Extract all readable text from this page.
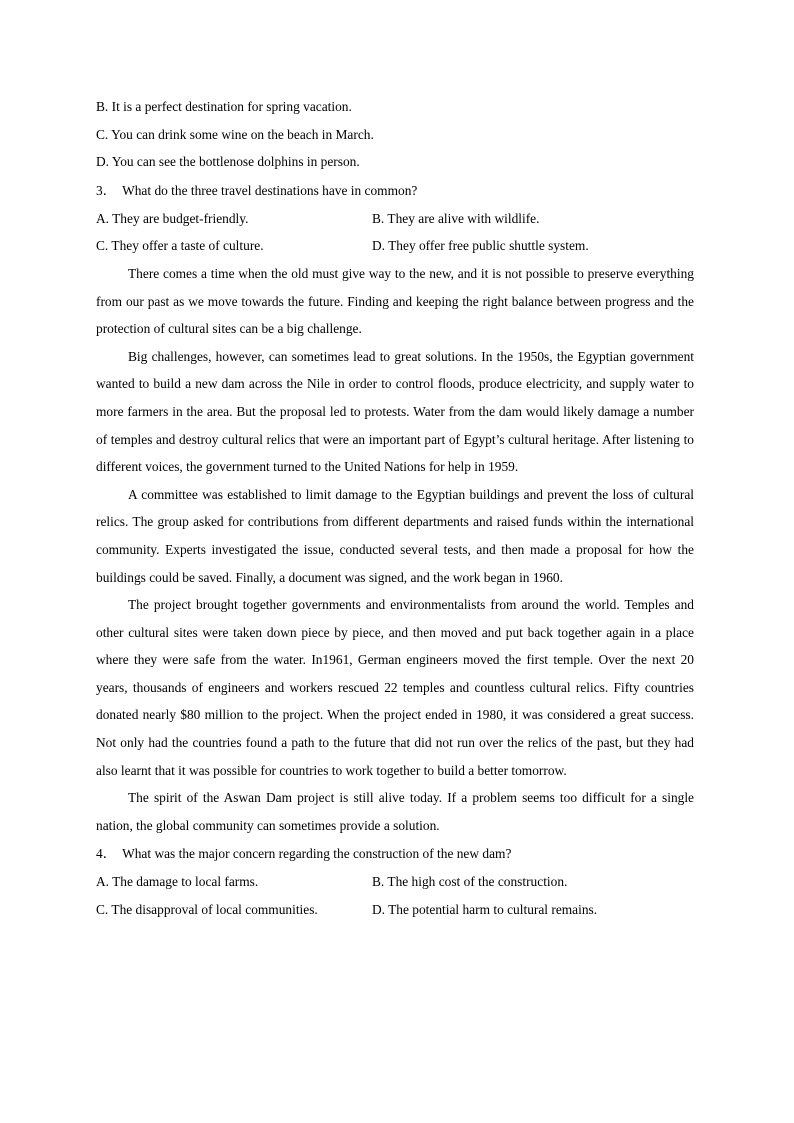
B. It is a perfect destination for spring vacation.
C. You can drink some wine on the beach in March.
D. You can see the bottlenose dolphins in person.
3． What do the three travel destinations have in common?
A. They are budget-friendly.	B. They are alive with wildlife.
C. They offer a taste of culture.	D. They offer free public shuttle system.

There comes a time when the old must give way to the new, and it is not possible to preserve everything from our past as we move towards the future. Finding and keeping the right balance between progress and the protection of cultural sites can be a big challenge.

Big challenges, however, can sometimes lead to great solutions. In the 1950s, the Egyptian government wanted to build a new dam across the Nile in order to control floods, produce electricity, and supply water to more farmers in the area. But the proposal led to protests. Water from the dam would likely damage a number of temples and destroy cultural relics that were an important part of Egypt’s cultural heritage. After listening to different voices, the government turned to the United Nations for help in 1959.

A committee was established to limit damage to the Egyptian buildings and prevent the loss of cultural relics. The group asked for contributions from different departments and raised funds within the international community. Experts investigated the issue, conducted several tests, and then made a proposal for how the buildings could be saved. Finally, a document was signed, and the work began in 1960.

The project brought together governments and environmentalists from around the world. Temples and other cultural sites were taken down piece by piece, and then moved and put back together again in a place where they were safe from the water. In1961, German engineers moved the first temple. Over the next 20 years, thousands of engineers and workers rescued 22 temples and countless cultural relics. Fifty countries donated nearly $80 million to the project. When the project ended in 1980, it was considered a great success. Not only had the countries found a path to the future that did not run over the relics of the past, but they had also learnt that it was possible for countries to work together to build a better tomorrow.

The spirit of the Aswan Dam project is still alive today. If a problem seems too difficult for a single nation, the global community can sometimes provide a solution.

4． What was the major concern regarding the construction of the new dam?
A. The damage to local farms.	B. The high cost of the construction.
C. The disapproval of local communities.	D. The potential harm to cultural remains.
